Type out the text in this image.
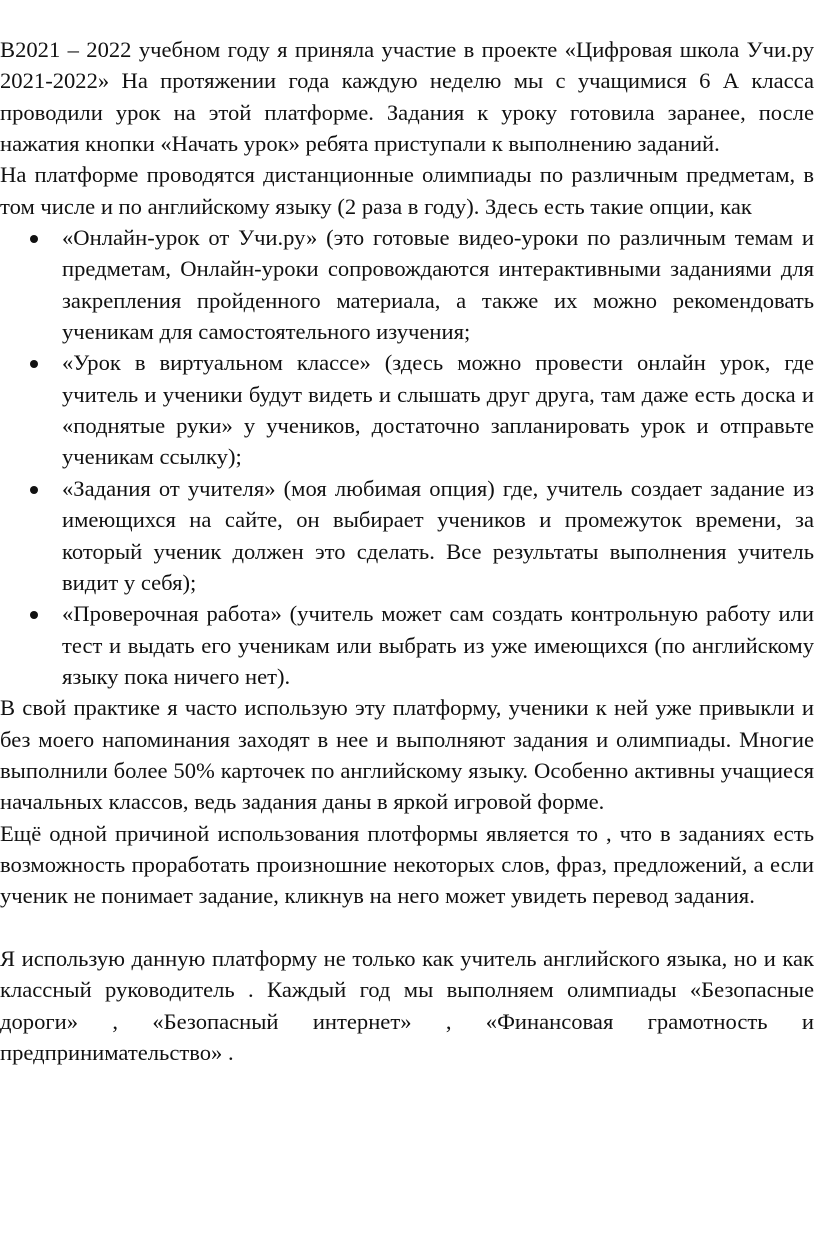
В2021 – 2022 учебном году я приняла участие в проекте «Цифровая школа Учи.ру 2021-2022» На протяжении года каждую неделю мы с учащимися 6 А класса проводили урок на этой платформе. Задания к уроку готовила заранее, после нажатия кнопки «Начать урок» ребята приступали к выполнению заданий.

На платформе проводятся дистанционные олимпиады по различным предметам, в том числе и по английскому языку (2 раза в году). Здесь есть такие опции, как

«Онлайн-урок от Учи.ру» (это готовые видео-уроки по различным темам и предметам, Онлайн-уроки сопровождаются интерактивными заданиями для закрепления пройденного материала, а также их можно рекомендовать ученикам для самостоятельного изучения;
«Урок в виртуальном классе» (здесь можно провести онлайн урок, где учитель и ученики будут видеть и слышать друг друга, там даже есть доска и «поднятые руки» у учеников, достаточно запланировать урок и отправьте ученикам ссылку);
«Задания от учителя» (моя любимая опция) где, учитель создает задание из имеющихся на сайте, он выбирает учеников и промежуток времени, за который ученик должен это сделать. Все результаты выполнения учитель видит у себя);
«Проверочная работа» (учитель может сам создать контрольную работу или тест и выдать его ученикам или выбрать из уже имеющихся (по английскому языку пока ничего нет).

В свой практике я часто использую эту платформу, ученики к ней уже привыкли и без моего напоминания заходят в нее и выполняют задания и олимпиады. Многие выполнили более 50% карточек по английскому языку. Особенно активны учащиеся начальных классов, ведь задания даны в яркой игровой форме.

Ещё одной причиной использования плотформы является то , что в заданиях есть возможность проработать произношние некоторых слов, фраз, предложений, а если ученик не понимает задание, кликнув на него может увидеть перевод задания.

Я использую данную платформу не только как учитель английского языка, но и как классный руководитель . Каждый год мы выполняем олимпиады «Безопасные дороги» , «Безопасный интернет» , «Финансовая грамотность и предпринимательство» .
